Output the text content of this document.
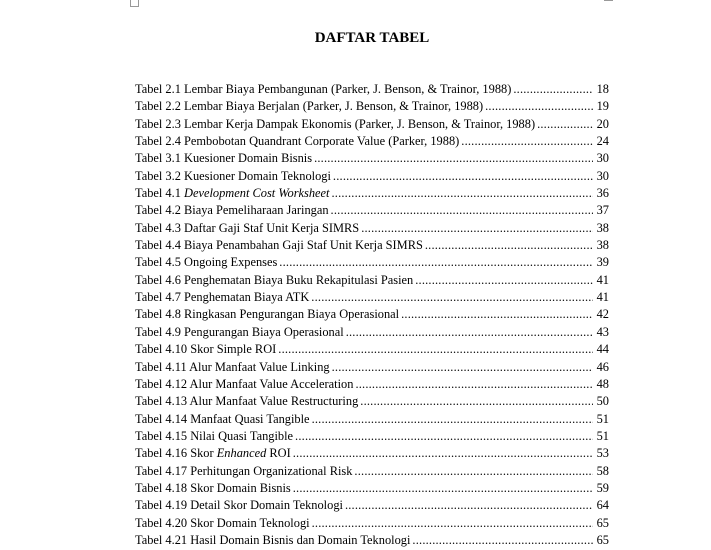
DAFTAR TABEL
Tabel 2.1 Lembar Biaya Pembangunan (Parker, J. Benson, & Trainor, 1988) .....	18
Tabel 2.2 Lembar Biaya Berjalan (Parker, J. Benson, & Trainor, 1988) .....	19
Tabel 2.3 Lembar Kerja Dampak Ekonomis (Parker, J. Benson, & Trainor, 1988) .....	20
Tabel 2.4 Pembobotan Quandrant Corporate Value (Parker, 1988) .....	24
Tabel 3.1 Kuesioner Domain Bisnis .....	30
Tabel 3.2 Kuesioner Domain Teknologi .....	30
Tabel 4.1 Development Cost Worksheet .....	36
Tabel 4.2 Biaya Pemeliharaan Jaringan .....	37
Tabel 4.3 Daftar Gaji Staf Unit Kerja SIMRS .....	38
Tabel 4.4 Biaya Penambahan Gaji Staf Unit Kerja SIMRS .....	38
Tabel 4.5 Ongoing Expenses .....	39
Tabel 4.6 Penghematan Biaya Buku Rekapitulasi Pasien .....	41
Tabel 4.7 Penghematan Biaya ATK .....	41
Tabel 4.8 Ringkasan Pengurangan Biaya Operasional .....	42
Tabel 4.9 Pengurangan Biaya Operasional .....	43
Tabel 4.10 Skor Simple ROI .....	44
Tabel 4.11 Alur Manfaat Value Linking .....	46
Tabel 4.12 Alur Manfaat Value Acceleration .....	48
Tabel 4.13 Alur Manfaat Value Restructuring .....	50
Tabel 4.14 Manfaat Quasi Tangible .....	51
Tabel 4.15 Nilai Quasi Tangible .....	51
Tabel 4.16 Skor Enhanced ROI .....	53
Tabel 4.17 Perhitungan Organizational Risk .....	58
Tabel 4.18 Skor Domain Bisnis .....	59
Tabel 4.19 Detail Skor Domain Teknologi .....	64
Tabel 4.20 Skor Domain Teknologi .....	65
Tabel 4.21 Hasil Domain Bisnis dan Domain Teknologi .....	65
